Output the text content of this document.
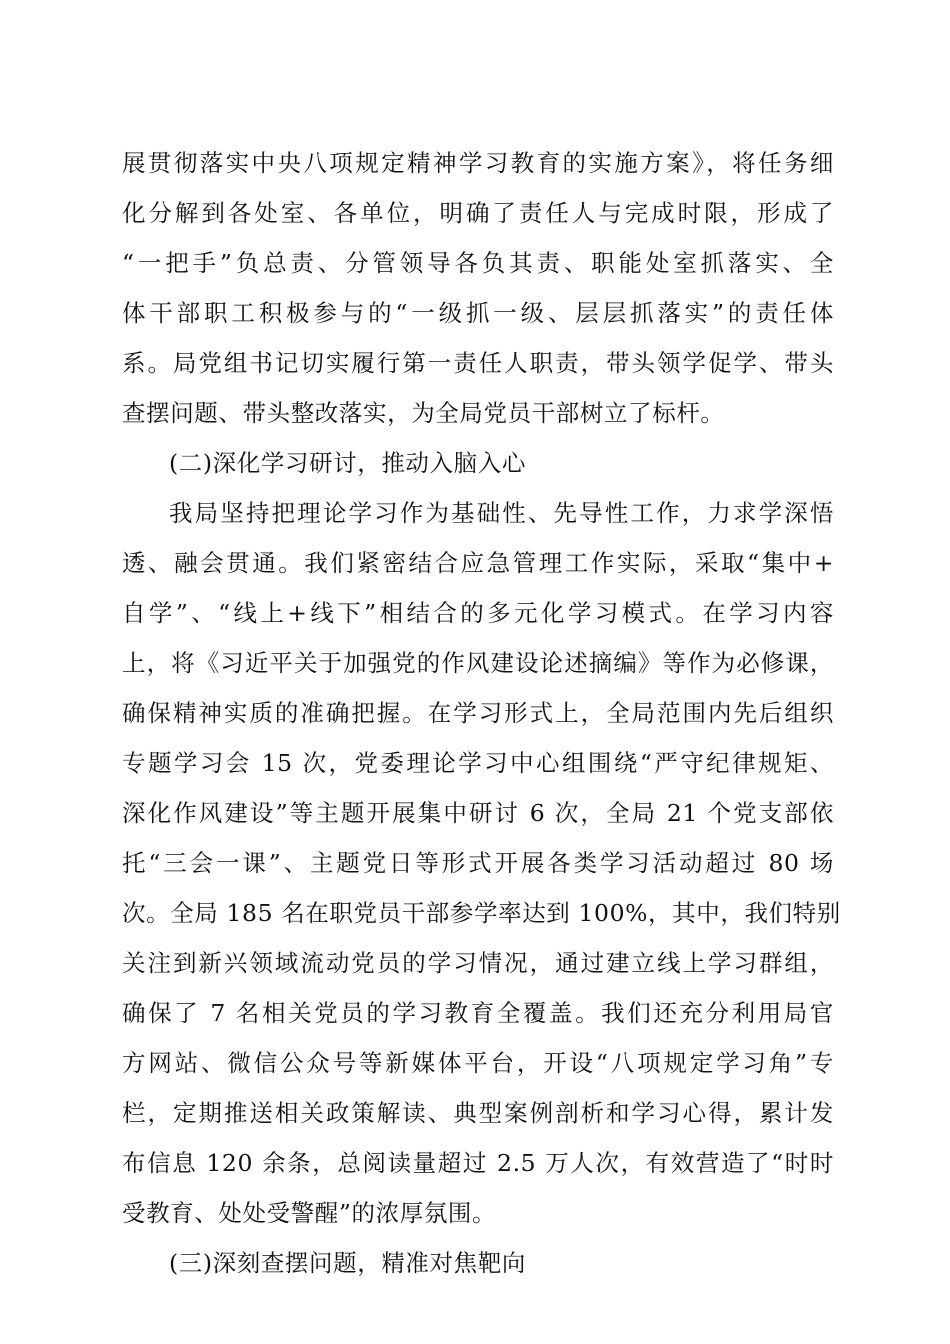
展贯彻落实中央八项规定精神学习教育的实施方案》，将任务细
化分解到各处室、各单位，明确了责任人与完成时限，形成了
“一把手”负总责、分管领导各负其责、职能处室抓落实、全
体干部职工积极参与的“一级抓一级、层层抓落实”的责任体
系。局党组书记切实履行第一责任人职责，带头领学促学、带头
查摆问题、带头整改落实，为全局党员干部树立了标杆。
(二)深化学习研讨，推动入脑入心
我局坚持把理论学习作为基础性、先导性工作，力求学深悟
透、融会贯通。我们紧密结合应急管理工作实际，采取“集中+
自学”、“线上+线下”相结合的多元化学习模式。在学习内容
上，将《习近平关于加强党的作风建设论述摘编》等作为必修课，
确保精神实质的准确把握。在学习形式上，全局范围内先后组织
专题学习会 15 次，党委理论学习中心组围绕“严守纪律规矩、
深化作风建设”等主题开展集中研讨 6 次，全局 21 个党支部依
托“三会一课”、主题党日等形式开展各类学习活动超过 80 场
次。全局 185 名在职党员干部参学率达到 100%，其中，我们特别
关注到新兴领域流动党员的学习情况，通过建立线上学习群组，
确保了 7 名相关党员的学习教育全覆盖。我们还充分利用局官
方网站、微信公众号等新媒体平台，开设“八项规定学习角”专
栏，定期推送相关政策解读、典型案例剖析和学习心得，累计发
布信息 120 余条，总阅读量超过 2.5 万人次，有效营造了“时时
受教育、处处受警醒”的浓厚氛围。
(三)深刻查摆问题，精准对焦靶向
